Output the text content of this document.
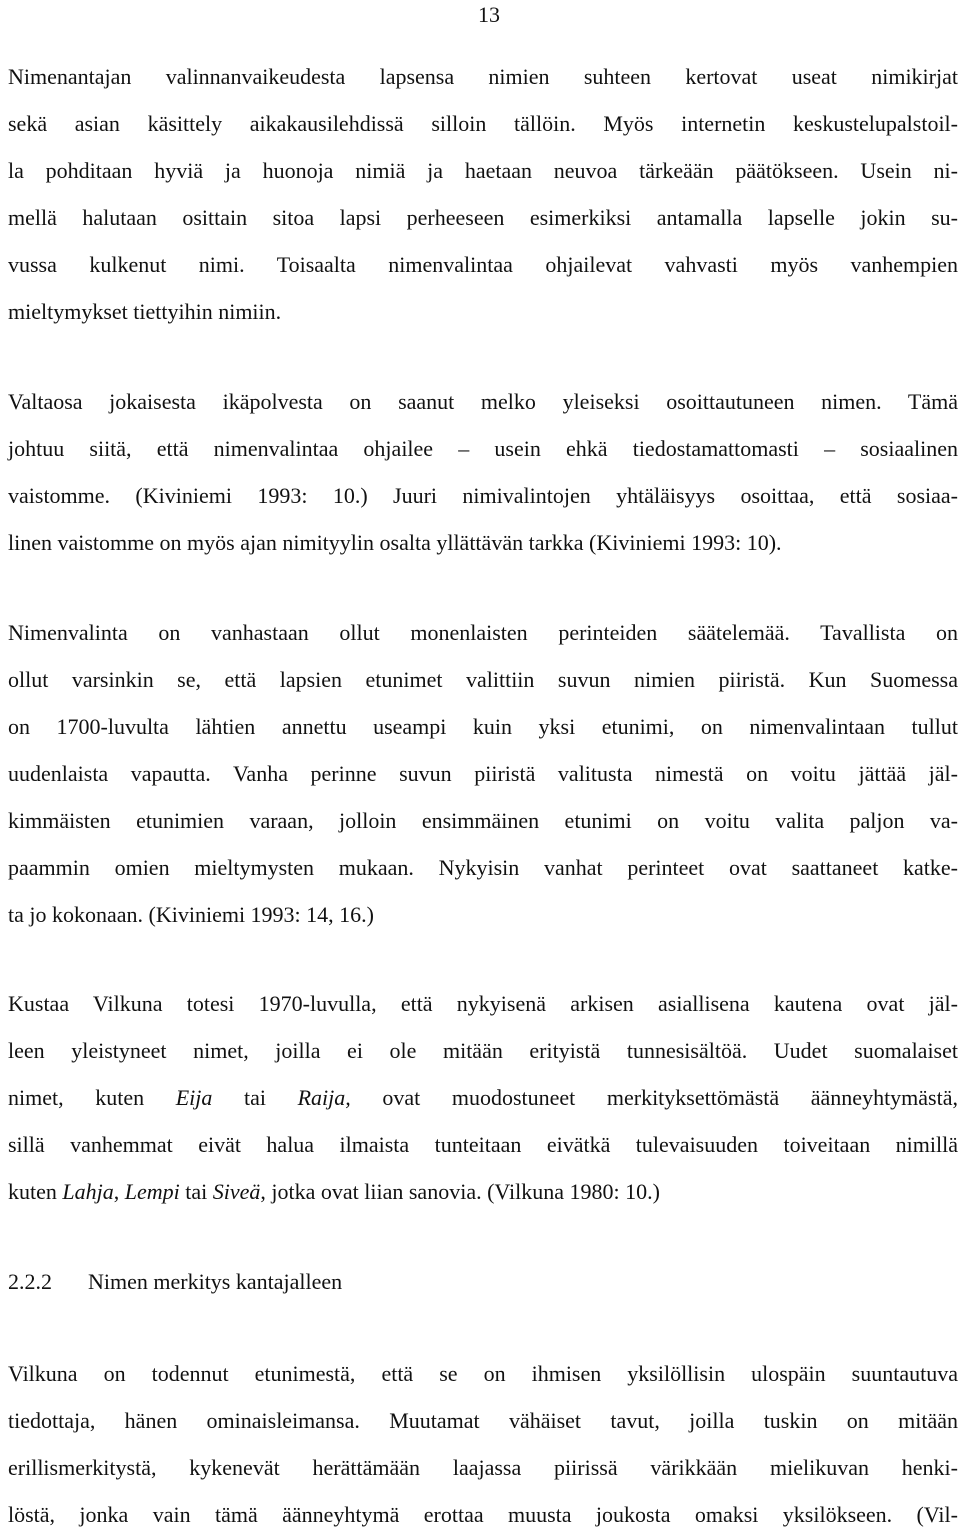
13

Nimenantajan valinnanvaikeudesta lapsensa nimien suhteen kertovat useat nimikirjat
sekä asian käsittely aikakausilehdissä silloin tällöin. Myös internetin keskustelupalstoil-
la pohditaan hyviä ja huonoja nimiä ja haetaan neuvoa tärkeään päätökseen. Usein ni-
mellä halutaan osittain sitoa lapsi perheeseen esimerkiksi antamalla lapselle jokin su-
vussa kulkenut nimi. Toisaalta nimenvalintaa ohjailevat vahvasti myös vanhempien
mieltymykset tiettyihin nimiin.

Valtaosa jokaisesta ikäpolvesta on saanut melko yleiseksi osoittautuneen nimen. Tämä
johtuu siitä, että nimenvalintaa ohjailee – usein ehkä tiedostamattomasti – sosiaalinen
vaistomme. (Kiviniemi 1993: 10.) Juuri nimivalintojen yhtäläisyys osoittaa, että sosiaa-
linen vaistomme on myös ajan nimityylin osalta yllättävän tarkka (Kiviniemi 1993: 10).

Nimenvalinta on vanhastaan ollut monenlaisten perinteiden säätelemää. Tavallista on
ollut varsinkin se, että lapsien etunimet valittiin suvun nimien piiristä. Kun Suomessa
on 1700-luvulta lähtien annettu useampi kuin yksi etunimi, on nimenvalintaan tullut
uudenlaista vapautta. Vanha perinne suvun piiristä valitusta nimestä on voitu jättää jäl-
kimmäisten etunimien varaan, jolloin ensimmäinen etunimi on voitu valita paljon va-
paammin omien mieltymysten mukaan. Nykyisin vanhat perinteet ovat saattaneet katke-
ta jo kokonaan. (Kiviniemi 1993: 14, 16.)

Kustaa Vilkuna totesi 1970-luvulla, että nykyisenä arkisen asiallisena kautena ovat jäl-
leen yleistyneet nimet, joilla ei ole mitään erityistä tunnesisältöä. Uudet suomalaiset
nimet, kuten Eija tai Raija, ovat muodostuneet merkityksettömästä äänneyhtymästä,
sillä vanhemmat eivät halua ilmaista tunteitaan eivätkä tulevaisuuden toiveitaan nimillä
kuten Lahja, Lempi tai Siveä, jotka ovat liian sanovia. (Vilkuna 1980: 10.)

2.2.2 Nimen merkitys kantajalleen

Vilkuna on todennut etunimestä, että se on ihmisen yksilöllisin ulospäin suuntautuva
tiedottaja, hänen ominaisleimansa. Muutamat vähäiset tavut, joilla tuskin on mitään
erillismerkitystä, kykenevät herättämään laajassa piirissä värikkään mielikuvan henki-
löstä, jonka vain tämä äänneyhtymä erottaa muusta joukosta omaksi yksilökseen. (Vil-
